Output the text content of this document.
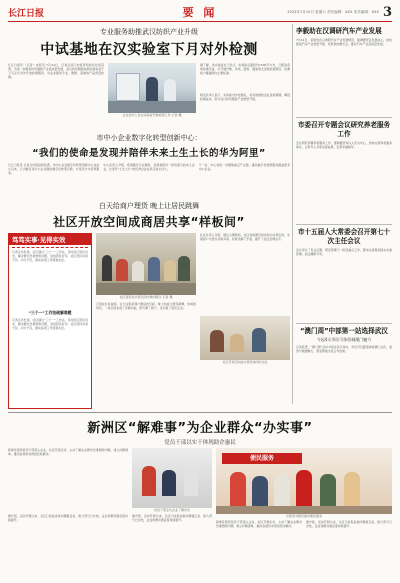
长江日报	要 闻	2023年7月15日 星期六 责任编辑：XXX 美术编辑：XXX 3
专业服务助推武汉纺织产业升级
中试基地在汉实验室下月对外检测
长江日报讯（记者）本报讯 7月14日，记者从武汉市经济和信息化局获悉，为进一步服务纺织服装产业高质量发展，武汉纺织服装检测实验室将于下月正式对外开放检测服务，为企业提供专业、便捷、高效的产品质量检测。
企业技术人员在实验室开展检测工作 记者 摄
据了解，该实验室位于武汉，实验室总面积约1500平方米，已配备各类检测设备，可开展纤维、纱线、面料、服装等全流程检测项目，检测能力覆盖国内主要标准。
相关负责人表示，实验室对外检测后，将有效缩短企业送检周期、降低检测成本，助力武汉纺织服装产业转型升级。
市中小企业数字化转型创新中心：
“我们的使命是发现并陪伴未来土生土长的华为阿里”
长江日报讯 记者从市经信局获悉，市中小企业数字化转型创新中心自成立以来，已为数百家中小企业提供数字化转型诊断、方案设计与培育服务。
中心负责人介绍，希望通过专业服务，发现和陪伴一批有潜力的本土企业，让更多“土生土长”的优秀企业在武汉成长壮大。
下一步，中心将进一步聚焦重点产业链，推动数字化转型服务覆盖更多中小企业。
白天给商户理货 晚上让居民跳舞
社区开放空间成商居共享“样板间”
笃笃实事·见得实效
记者走访发现，社区通过“三个一”工作法，及时回应居民诉求，解决群众急难愁盼问题，受到居民好评。社区坚持问需于民、问计于民，推动各项工作落到实处。
“三个一”工作法破解难题
记者走访发现，社区通过“三个一”工作法，及时回应居民诉求，解决群众急难愁盼问题，受到居民好评。社区坚持问需于民、问计于民，推动各项工作落到实处。
社区居民在共享空间内休闲娱乐 记者 摄
记者在社区看到，白天这里是商户理货的空间，晚上则成为居民跳舞、休闲的场所，一块空间实现了多种功能，既方便了商户，也丰富了居民生活。
社区负责人介绍，通过合理规划，社区将闲置空间改造为共享空间，实现商户与居民共建共享，有效化解了矛盾，提升了社区治理水平。
社区开放空间成为居民休闲好去处
李毅助在汉调研汽车产业发展
7月14日，省领导在汉调研汽车产业发展情况，强调要坚定发展信心，加快推进汽车产业转型升级，培育新的增长点，推动汽车产业高质量发展。
市委召开专题会议研究养老服务工作
会议研究部署养老服务工作，强调要坚持以人民为中心，加快完善养老服务体系，让老年人共享发展成果，安享幸福晚年。
市十五届人大常委会召开第七十次主任会议
会议审议了有关议题，研究部署下一阶段重点工作，要求认真贯彻落实市委部署，依法履职尽责。
“澳门周”中部第一站选择武汉
今起4天市民可体验城澳门魅力
记者获悉，“澳门周”活动今起在武汉举办，市民可近距离体验澳门文化、美食与旅游魅力，感受两地交流合作成果。
新洲区“解难事”为企业群众“办实事”
党员干部以实干体现助企惠民
新洲区组织党员干部深入企业、社区开展走访，主动了解企业群众急难愁盼问题，建立问题清单，推动各项诉求得到及时解决。
据介绍，活动开展以来，全区已收集各类问题数百条，绝大部分已办结，企业和群众满意度持续提升。
党员干部走访企业了解诉求
据介绍，活动开展以来，全区已收集各类问题数百条，绝大部分已办结，企业和群众满意度持续提升。
便民服务
志愿者为群众提供便民服务
新洲区组织党员干部深入企业、社区开展走访，主动了解企业群众急难愁盼问题，建立问题清单，推动各项诉求得到及时解决。
据介绍，活动开展以来，全区已收集各类问题数百条，绝大部分已办结，企业和群众满意度持续提升。
